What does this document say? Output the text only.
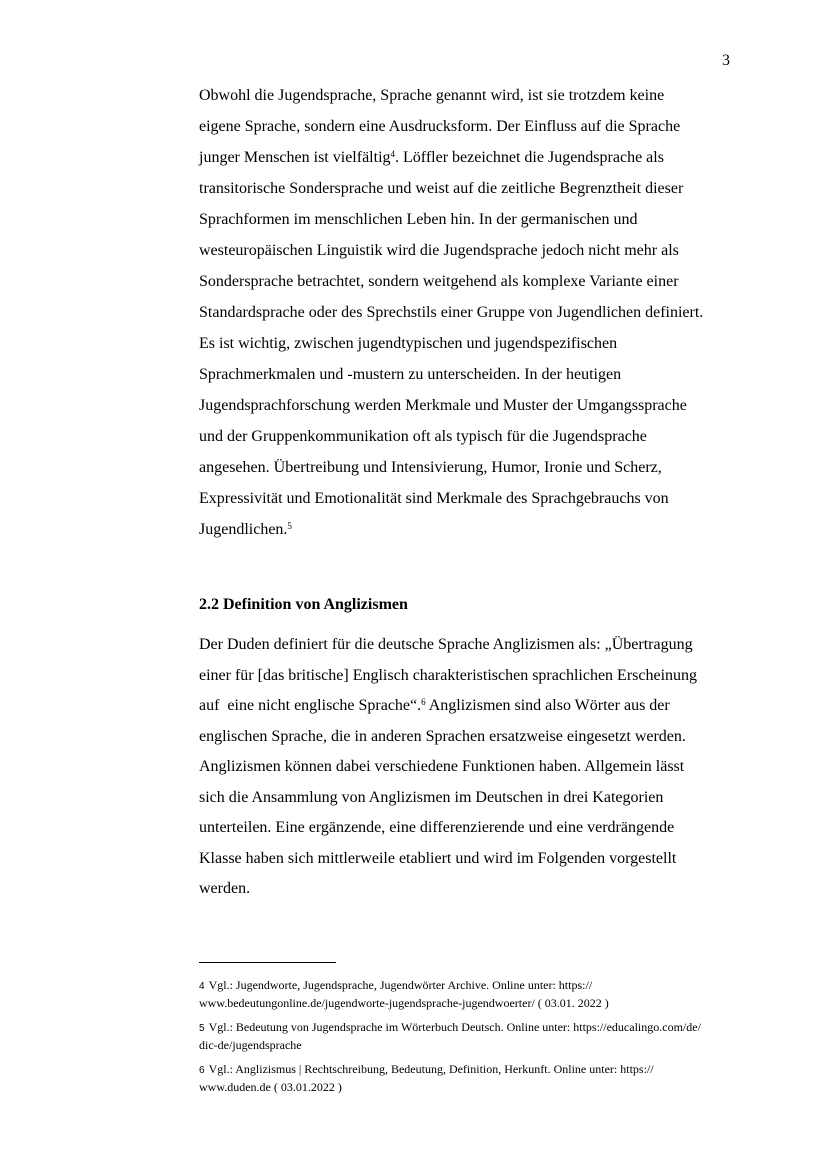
3
Obwohl die Jugendsprache, Sprache genannt wird, ist sie trotzdem keine
eigene Sprache, sondern eine Ausdrucksform. Der Einfluss auf die Sprache
junger Menschen ist vielfältig$^4$. Löffler bezeichnet die Jugendsprache als
transitorische Sondersprache und weist auf die zeitliche Begrenztheit dieser
Sprachformen im menschlichen Leben hin. In der germanischen und
westeuropäischen Linguistik wird die Jugendsprache jedoch nicht mehr als
Sondersprache betrachtet, sondern weitgehend als komplexe Variante einer
Standardsprache oder des Sprechstils einer Gruppe von Jugendlichen definiert.
Es ist wichtig, zwischen jugendtypischen und jugendspezifischen
Sprachmerkmalen und -mustern zu unterscheiden. In der heutigen
Jugendsprachforschung werden Merkmale und Muster der Umgangssprache
und der Gruppenkommunikation oft als typisch für die Jugendsprache
angesehen. Übertreibung und Intensivierung, Humor, Ironie und Scherz,
Expressivität und Emotionalität sind Merkmale des Sprachgebrauchs von
Jugendlichen.$^5$
2.2 Definition von Anglizismen
Der Duden definiert für die deutsche Sprache Anglizismen als: „Übertragung
einer für [das britische] Englisch charakteristischen sprachlichen Erscheinung
auf  eine nicht englische Sprache“.$^6$ Anglizismen sind also Wörter aus der
englischen Sprache, die in anderen Sprachen ersatzweise eingesetzt werden.
Anglizismen können dabei verschiedene Funktionen haben. Allgemein lässt
sich die Ansammlung von Anglizismen im Deutschen in drei Kategorien
unterteilen. Eine ergänzende, eine differenzierende und eine verdrängende
Klasse haben sich mittlerweile etabliert und wird im Folgenden vorgestellt
werden.
4 Vgl.: Jugendworte, Jugendsprache, Jugendwörter Archive. Online unter: https://
www.bedeutungonline.de/jugendworte-jugendsprache-jugendwoerter/ ( 03.01. 2022 )
5 Vgl.: Bedeutung von Jugendsprache im Wörterbuch Deutsch. Online unter: https://educalingo.com/de/
dic-de/jugendsprache
6 Vgl.: Anglizismus | Rechtschreibung, Bedeutung, Definition, Herkunft. Online unter: https://
www.duden.de ( 03.01.2022 )
